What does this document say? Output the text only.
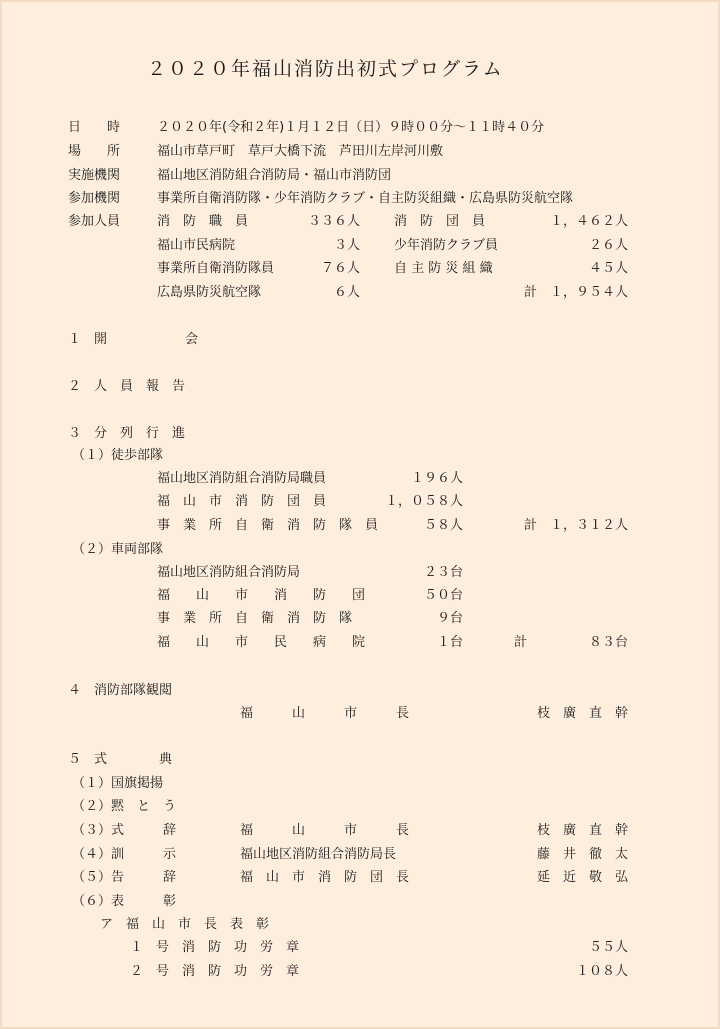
２０２０年福山消防出初式プログラム
日　　時	２０２０年(令和２年)１月１２日（日）９時００分～１１時４０分
場　　所	福山市草戸町　草戸大橋下流　芦田川左岸河川敷
実施機関	福山地区消防組合消防局・福山市消防団
参加機関	事業所自衛消防隊・少年消防クラブ・自主防災組織・広島県防災航空隊
参加人員	消　防　職　員	３３６人	消　防　団　員	１，４６２人
福山市民病院	３人	少年消防クラブ員	２６人
事業所自衛消防隊員	７６人	自 主 防 災 組 織	４５人
広島県防災航空隊	６人	計　１，９５４人
１　開　　　　　　会
２　人　員　報　告
３　分　列　行　進
（１）徒歩部隊
福山地区消防組合消防局職員	１９６人
福　山　市　消　防　団　員	１，０５８人
事　業　所　自　衛　消　防　隊　員	５８人	計　１，３１２人
（２）車両部隊
福山地区消防組合消防局	２３台
福　　山　　市　　消　　防　　団	５０台
事　業　所　自　衛　消　防　隊	９台
福　　山　　市　　民　　病　　院	１台	計	８３台
４　消防部隊観閲
福　　　山　　　市　　　長	枝　廣　直　幹
５　式　　　　典
（１）国旗掲揚
（２）黙　と　う
（３）式　　　辞	福　　　山　　　市　　　長	枝　廣　直　幹
（４）訓　　　示	福山地区消防組合消防局長	藤　井　徹　太
（５）告　　　辞	福　山　市　消　防　団　長	延　近　敬　弘
（６）表　　　彰
ア　福　山　市　長　表　彰
１　号　消　防　功　労　章	５５人
２　号　消　防　功　労　章	１０８人
